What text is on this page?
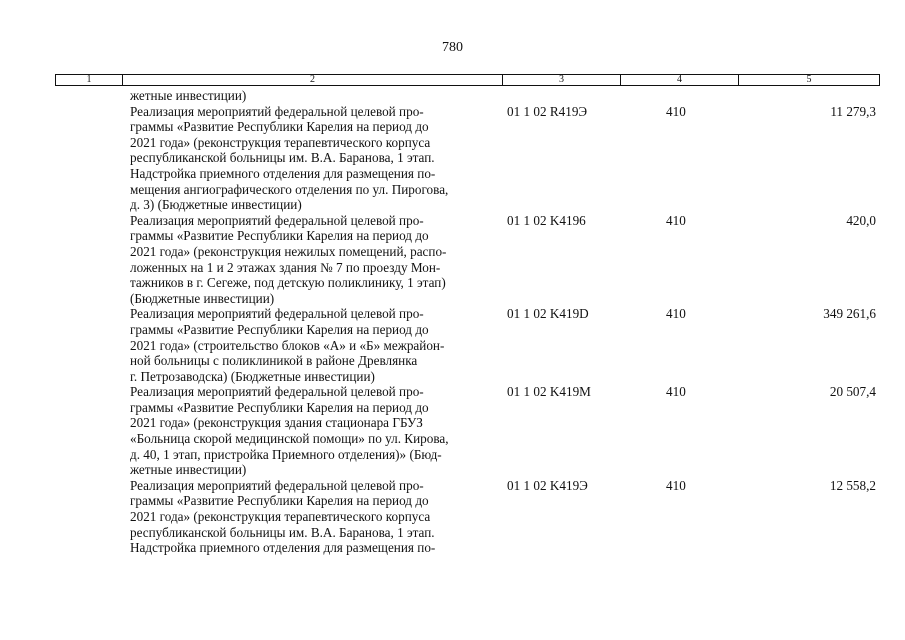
780
1	2	3	4	5
жетные инвестиции)
Реализация мероприятий федеральной целевой про-
граммы «Развитие Республики Карелия на период до
2021 года» (реконструкция терапевтического корпуса
республиканской больницы им. В.А. Баранова, 1 этап.
Надстройка приемного отделения для размещения по-
мещения ангиографического отделения по ул. Пирогова,
д. 3) (Бюджетные инвестиции)
01 1 02 R419Э	410	11 279,3
Реализация мероприятий федеральной целевой про-
граммы «Развитие Республики Карелия на период до
2021 года» (реконструкция нежилых помещений, распо-
ложенных на 1 и 2 этажах здания № 7 по проезду Мон-
тажников в г. Сегеже, под детскую поликлинику, 1 этап)
(Бюджетные инвестиции)
01 1 02 K4196	410	420,0
Реализация мероприятий федеральной целевой про-
граммы «Развитие Республики Карелия на период до
2021 года» (строительство блоков «А» и «Б» межрайон-
ной больницы с поликлиникой в районе Древлянка
г. Петрозаводска) (Бюджетные инвестиции)
01 1 02 K419D	410	349 261,6
Реализация мероприятий федеральной целевой про-
граммы «Развитие Республики Карелия на период до
2021 года» (реконструкция здания стационара ГБУЗ
«Больница скорой медицинской помощи» по ул. Кирова,
д. 40, 1 этап, пристройка Приемного отделения)» (Бюд-
жетные инвестиции)
01 1 02 K419M	410	20 507,4
Реализация мероприятий федеральной целевой про-
граммы «Развитие Республики Карелия на период до
2021 года» (реконструкция терапевтического корпуса
республиканской больницы им. В.А. Баранова, 1 этап.
Надстройка приемного отделения для размещения по-
01 1 02 K419Э	410	12 558,2
